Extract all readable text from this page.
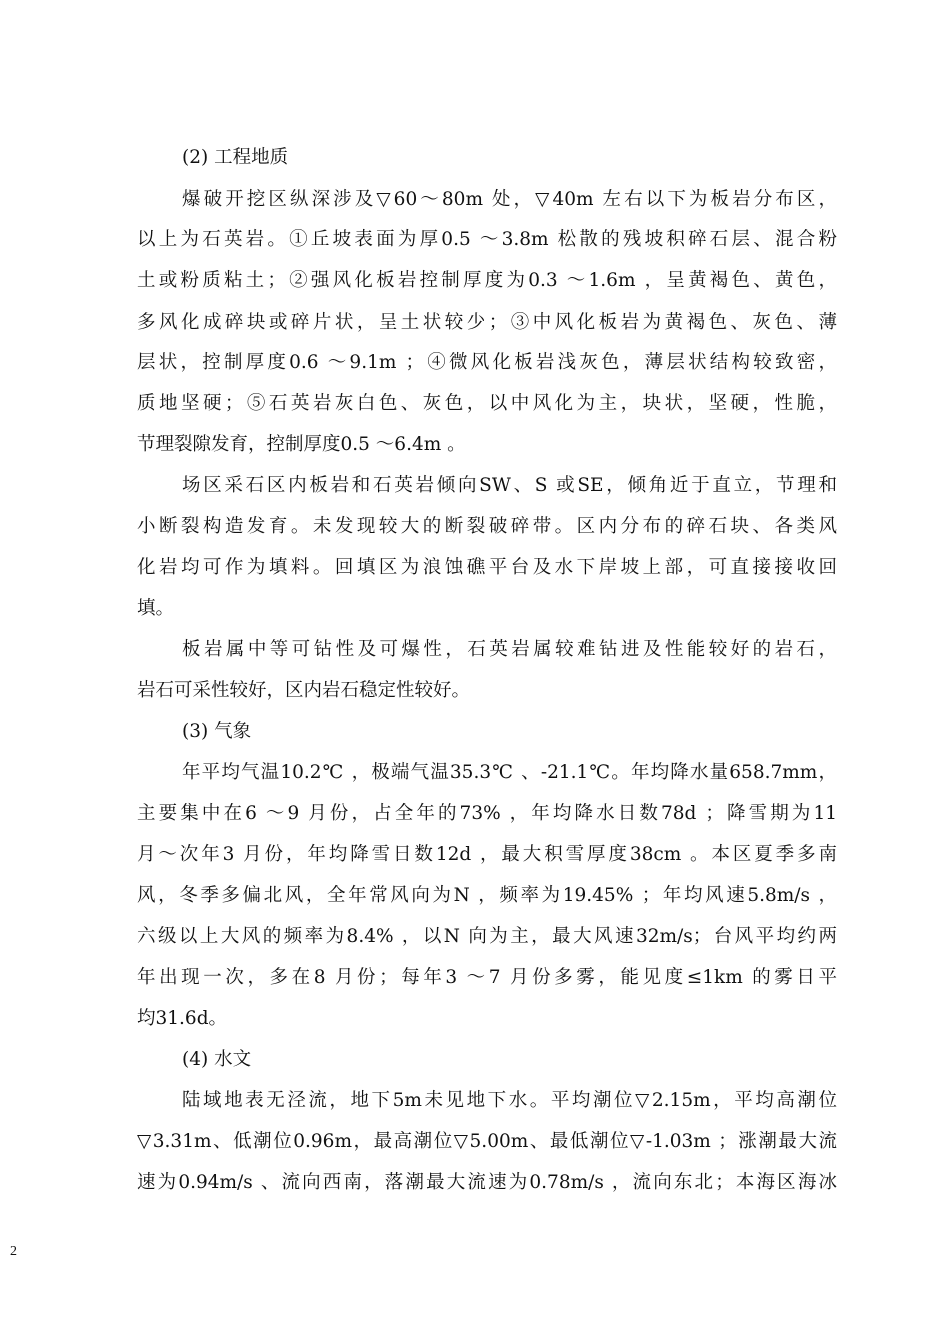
(2) 工程地质
爆破开挖区纵深涉及▽60～80m 处，▽40m 左右以下为板岩分布区，
以上为石英岩。①丘坡表面为厚0.5 ～3.8m 松散的残坡积碎石层、混合粉
土或粉质粘土；②强风化板岩控制厚度为0.3 ～1.6m ，呈黄褐色、黄色，
多风化成碎块或碎片状，呈土状较少；③中风化板岩为黄褐色、灰色、薄
层状，控制厚度0.6 ～9.1m ；④微风化板岩浅灰色，薄层状结构较致密，
质地坚硬；⑤石英岩灰白色、灰色，以中风化为主，块状，坚硬，性脆，
节理裂隙发育，控制厚度0.5 ～6.4m 。
场区采石区内板岩和石英岩倾向SW、S 或SE，倾角近于直立，节理和
小断裂构造发育。未发现较大的断裂破碎带。区内分布的碎石块、各类风
化岩均可作为填料。回填区为浪蚀礁平台及水下岸坡上部，可直接接收回
填。
板岩属中等可钻性及可爆性，石英岩属较难钻进及性能较好的岩石，
岩石可采性较好，区内岩石稳定性较好。
(3) 气象
年平均气温10.2℃ ，极端气温35.3℃ 、-21.1℃。年均降水量658.7mm，
主要集中在6 ～9 月份，占全年的73% ，年均降水日数78d ；降雪期为11
月～次年3 月份，年均降雪日数12d ，最大积雪厚度38cm 。本区夏季多南
风，冬季多偏北风，全年常风向为N ，频率为19.45% ；年均风速5.8m/s ，
六级以上大风的频率为8.4% ，以N 向为主，最大风速32m/s；台风平均约两
年出现一次，多在8 月份；每年3 ～7 月份多雾，能见度≤1km 的雾日平
均31.6d。
(4) 水文
陆域地表无泾流，地下5m未见地下水。平均潮位▽2.15m，平均高潮位
▽3.31m、低潮位0.96m，最高潮位▽5.00m、最低潮位▽-1.03m ；涨潮最大流
速为0.94m/s 、流向西南，落潮最大流速为0.78m/s ，流向东北；本海区海冰
2
